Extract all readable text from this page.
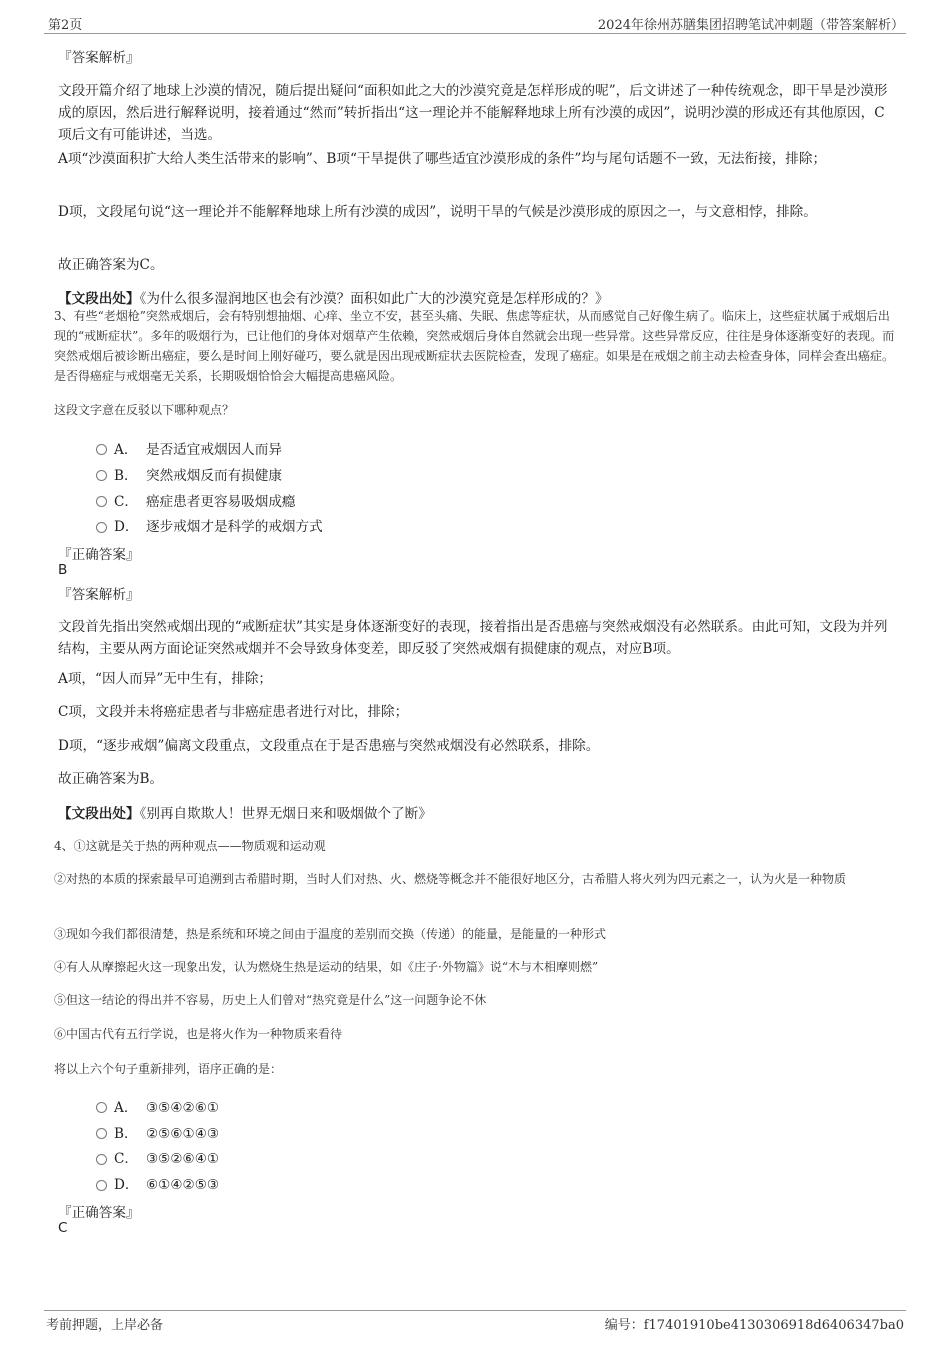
第2页	2024年徐州苏膳集团招聘笔试冲刺题（带答案解析）
『答案解析』
文段开篇介绍了地球上沙漠的情况，随后提出疑问“面积如此之大的沙漠究竟是怎样形成的呢”，后文讲述了一种传统观念，即干旱是沙漠形成的原因，然后进行解释说明，接着通过“然而”转折指出“这一理论并不能解释地球上所有沙漠的成因”，说明沙漠的形成还有其他原因，C项后文有可能讲述，当选。
A项“沙漠面积扩大给人类生活带来的影响”、B项“干旱提供了哪些适宜沙漠形成的条件”均与尾句话题不一致，无法衔接，排除；
D项，文段尾句说“这一理论并不能解释地球上所有沙漠的成因”，说明干旱的气候是沙漠形成的原因之一，与文意相悖，排除。
故正确答案为C。
【文段出处】《为什么很多湿润地区也会有沙漠？面积如此广大的沙漠究竟是怎样形成的？》
3、有些“老烟枪”突然戒烟后，会有特别想抽烟、心痒、坐立不安，甚至头痛、失眠、焦虑等症状，从而感觉自己好像生病了。临床上，这些症状属于戒烟后出现的“戒断症状”。多年的吸烟行为，已让他们的身体对烟草产生依赖，突然戒烟后身体自然就会出现一些异常。这些异常反应，往往是身体逐渐变好的表现。而突然戒烟后被诊断出癌症，要么是时间上刚好碰巧，要么就是因出现戒断症状去医院检查，发现了癌症。如果是在戒烟之前主动去检查身体，同样会查出癌症。是否得癌症与戒烟毫无关系，长期吸烟恰恰会大幅提高患癌风险。
这段文字意在反驳以下哪种观点？
A． 是否适宜戒烟因人而异
B． 突然戒烟反而有损健康
C． 癌症患者更容易吸烟成瘾
D． 逐步戒烟才是科学的戒烟方式
『正确答案』
B
『答案解析』
文段首先指出突然戒烟出现的“戒断症状”其实是身体逐渐变好的表现，接着指出是否患癌与突然戒烟没有必然联系。由此可知，文段为并列结构，主要从两方面论证突然戒烟并不会导致身体变差，即反驳了突然戒烟有损健康的观点，对应B项。
A项，“因人而异”无中生有，排除；
C项，文段并未将癌症患者与非癌症患者进行对比，排除；
D项，“逐步戒烟”偏离文段重点，文段重点在于是否患癌与突然戒烟没有必然联系，排除。
故正确答案为B。
【文段出处】《别再自欺欺人！世界无烟日来和吸烟做个了断》
4、①这就是关于热的两种观点——物质观和运动观
②对热的本质的探索最早可追溯到古希腊时期，当时人们对热、火、燃烧等概念并不能很好地区分，古希腊人将火列为四元素之一，认为火是一种物质
③现如今我们都很清楚，热是系统和环境之间由于温度的差别而交换（传递）的能量，是能量的一种形式
④有人从摩擦起火这一现象出发，认为燃烧生热是运动的结果，如《庄子·外物篇》说“木与木相摩则燃”
⑤但这一结论的得出并不容易，历史上人们曾对“热究竟是什么”这一问题争论不休
⑥中国古代有五行学说，也是将火作为一种物质来看待
将以上六个句子重新排列，语序正确的是：
A． ③⑤④②⑥①
B． ②⑤⑥①④③
C． ③⑤②⑥④①
D． ⑥①④②⑤③
『正确答案』
C
考前押题，上岸必备	编号：f17401910be4130306918d6406347ba0
